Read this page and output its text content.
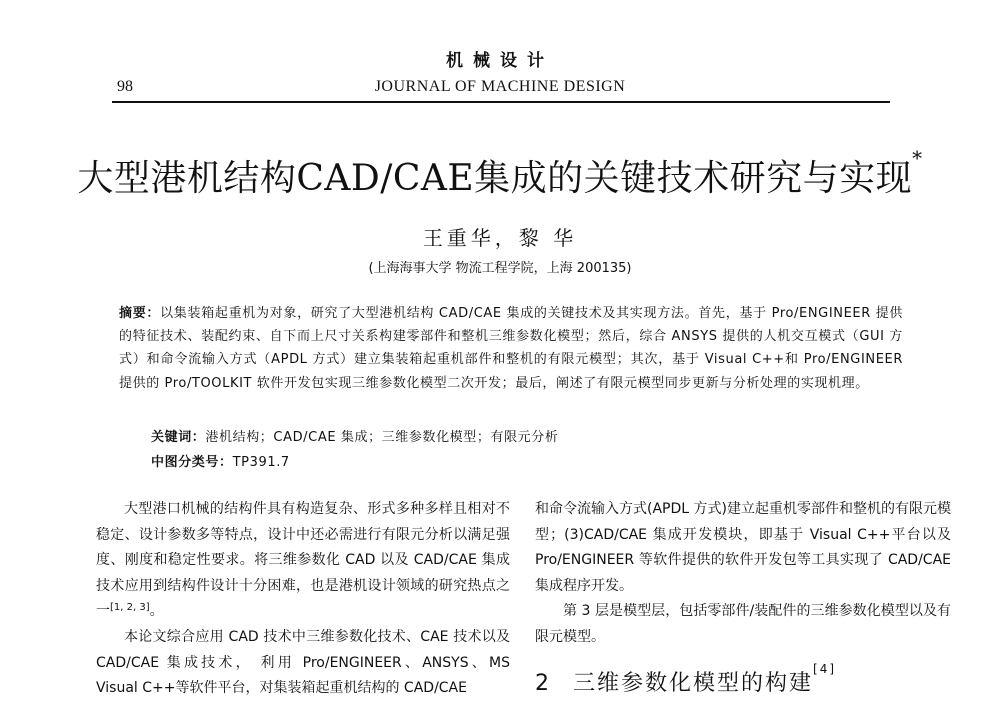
机械设计
98	JOURNAL OF MACHINE DESIGN
大型港机结构CAD/CAE集成的关键技术研究与实现*
王重华，黎 华
(上海海事大学 物流工程学院，上海 200135)
摘要：以集装箱起重机为对象，研究了大型港机结构 CAD/CAE 集成的关键技术及其实现方法。首先，基于 Pro/ENGINEER 提供的特征技术、装配约束、自下而上尺寸关系构建零部件和整机三维参数化模型；然后，综合 ANSYS 提供的人机交互模式（GUI 方式）和命令流输入方式（APDL 方式）建立集装箱起重机部件和整机的有限元模型；其次，基于 Visual C++和 Pro/ENGINEER 提供的 Pro/TOOLKIT 软件开发包实现三维参数化模型二次开发；最后，阐述了有限元模型同步更新与分析处理的实现机理。
关键词：港机结构；CAD/CAE 集成；三维参数化模型；有限元分析
中图分类号：TP391.7

大型港口机械的结构件具有构造复杂、形式多种多样且相对不稳定、设计参数多等特点，设计中还必需进行有限元分析以满足强度、刚度和稳定性要求。将三维参数化 CAD 以及 CAD/CAE 集成技术应用到结构件设计十分困难，也是港机设计领域的研究热点之一[1, 2, 3]。

本论文综合应用 CAD 技术中三维参数化技术、CAE 技术以及 CAD/CAE 集成技术， 利用 Pro/ENGINEER、ANSYS、MS Visual C++等软件平台，对集装箱起重机结构的 CAD/CAE

和命令流输入方式(APDL 方式)建立起重机零部件和整机的有限元模型；(3)CAD/CAE 集成开发模块，即基于 Visual C++平台以及 Pro/ENGINEER 等软件提供的软件开发包等工具实现了 CAD/CAE 集成程序开发。

第 3 层是模型层，包括零部件/装配件的三维参数化模型以及有限元模型。

2 三维参数化模型的构建[4]
